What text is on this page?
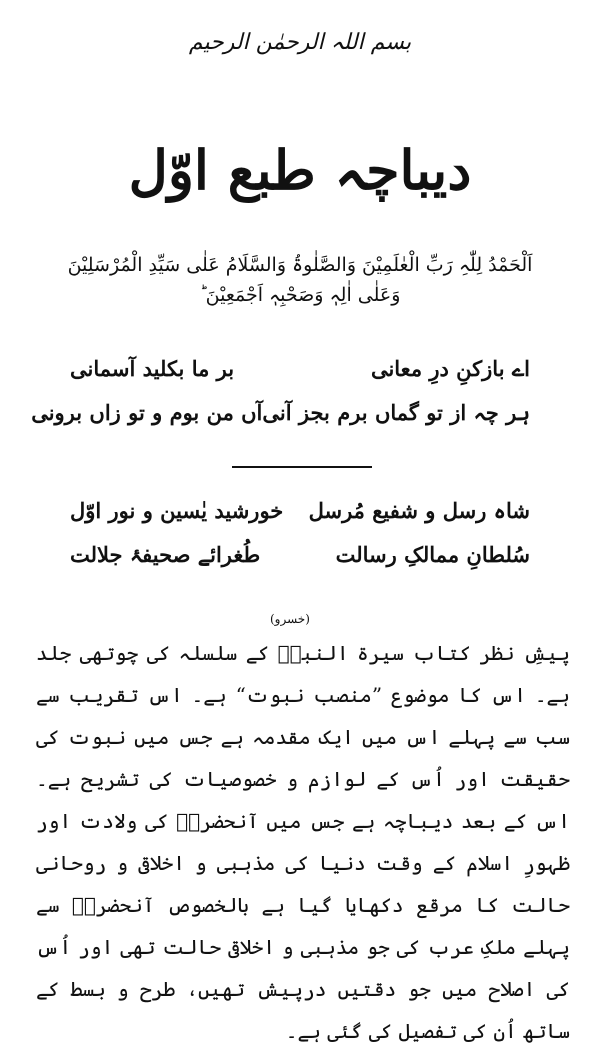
بسم اللہ الرحمٰن الرحیم
دیباچہ طبع اوّل
اَلْحَمْدُ لِلّٰہِ رَبِّ الْعٰلَمِیْنَ وَالصَّلٰوۃُ وَالسَّلَامُ عَلٰی سَیِّدِ الْمُرْسَلِیْنَ
وَعَلٰی اٰلِہٖ وَصَحْبِہٖ اَجْمَعِیْنَ ؕ
اے بازکنِ درِ معانی
بر ما بکلید آسمانی
ہر چہ از تو گماں برم بجز آنی
آں من بوم و تو زاں برونی
شاہ رسل و شفیع مُرسل
خورشید یٰسین و نور اوّل
سُلطانِ ممالکِ رسالت
طُغرائے صحیفۂ جلالت
(خسرو)
پیشِ نظر کتاب سیرۃ النبیؐ کے سلسلہ کی چوتھی جلد ہے۔ اس کا موضوع ”منصب نبوت“ ہے۔ اس تقریب سے سب سے پہلے اس میں ایک مقدمہ ہے جس میں نبوت کی حقیقت اور اُس کے لوازم و خصوصیات کی تشریح ہے۔ اس کے بعد دیباچہ ہے جس میں آنحضرتؐ کی ولادت اور ظہورِ اسلام کے وقت دنیا کی مذہبی و اخلاقی و روحانی حالت کا مرقع دکھایا گیا ہے بالخصوص آنحضرتؐ سے پہلے ملکِ عرب کی جو مذہبی و اخلاقی حالت تھی اور اُس کی اصلاح میں جو دقتیں درپیش تھیں، طرح و بسط کے ساتھ اُن کی تفصیل کی گئی ہے۔
